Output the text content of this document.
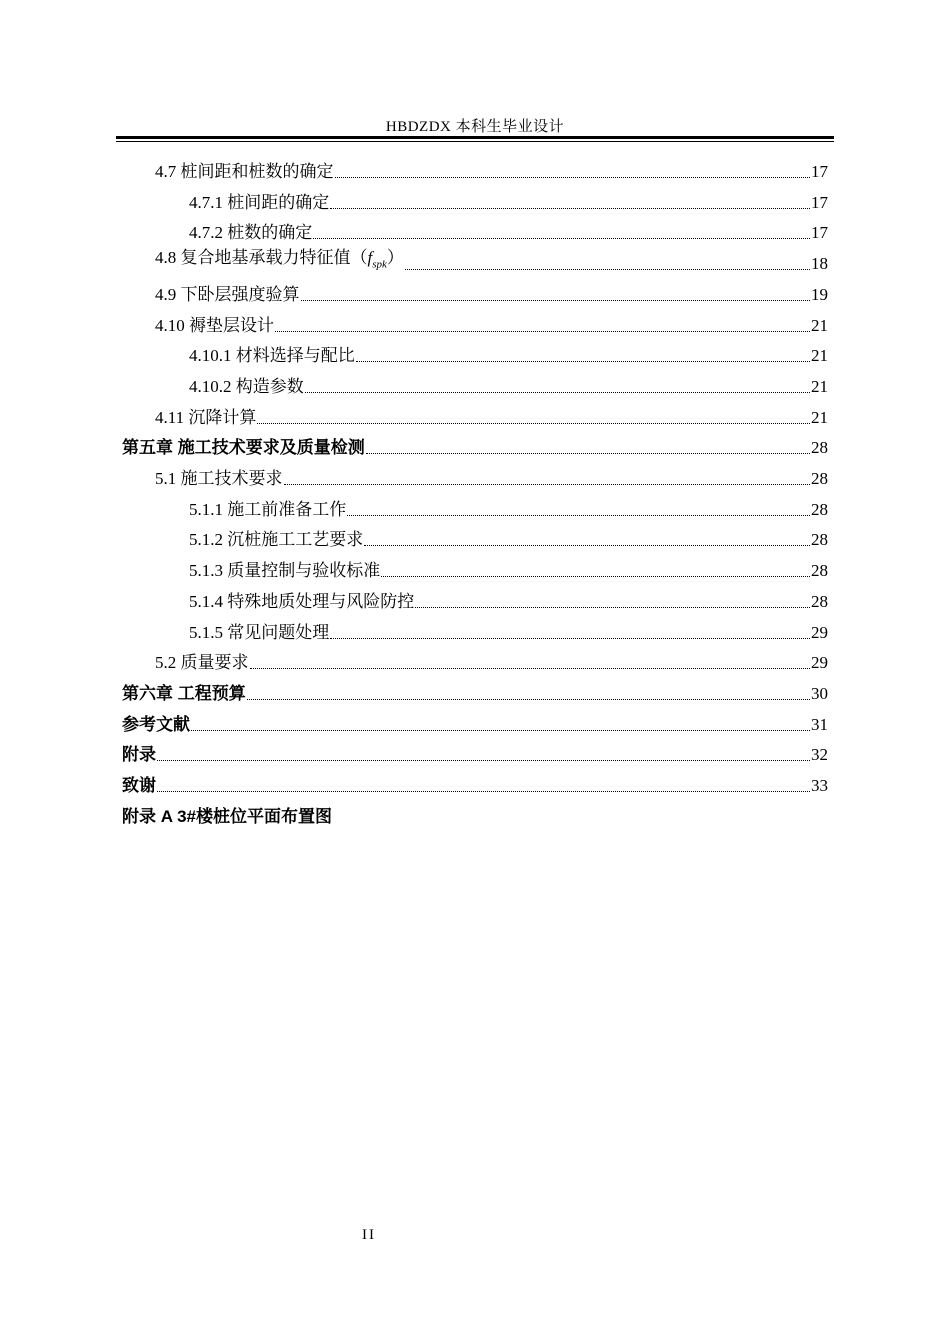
HBDZDX 本科生毕业设计
4.7 桩间距和桩数的确定	17
4.7.1 桩间距的确定	17
4.7.2 桩数的确定	17
4.8 复合地基承载力特征值$(f_{spk})$	18
4.9 下卧层强度验算	19
4.10 褥垫层设计	21
4.10.1 材料选择与配比	21
4.10.2 构造参数	21
4.11 沉降计算	21
第五章 施工技术要求及质量检测	28
5.1 施工技术要求	28
5.1.1 施工前准备工作	28
5.1.2 沉桩施工工艺要求	28
5.1.3 质量控制与验收标准	28
5.1.4 特殊地质处理与风险防控	28
5.1.5 常见问题处理	29
5.2 质量要求	29
第六章 工程预算	30
参考文献	31
附录	32
致谢	33
附录 A 3#楼桩位平面布置图
II
